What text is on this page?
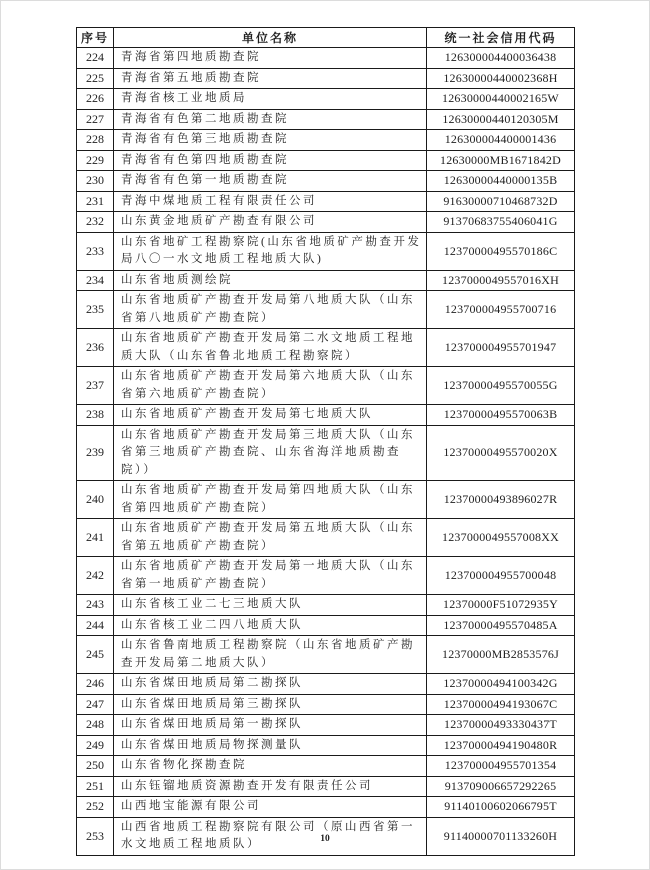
序号	单位名称	统一社会信用代码
224	青海省第四地质勘查院	126300004400036438
225	青海省第五地质勘查院	12630000440002368H
226	青海省核工业地质局	12630000440002165W
227	青海省有色第二地质勘查院	12630000440120305M
228	青海省有色第三地质勘查院	126300004400001436
229	青海省有色第四地质勘查院	12630000MB1671842D
230	青海省有色第一地质勘查院	12630000440000135B
231	青海中煤地质工程有限责任公司	91630000710468732D
232	山东黄金地质矿产勘查有限公司	91370683755406041G
233	山东省地矿工程勘察院(山东省地质矿产勘查开发局八〇一水文地质工程地质大队)	12370000495570186C
234	山东省地质测绘院	1237000049557016XH
235	山东省地质矿产勘查开发局第八地质大队（山东省第八地质矿产勘查院）	123700004955700716
236	山东省地质矿产勘查开发局第二水文地质工程地质大队（山东省鲁北地质工程勘察院）	123700004955701947
237	山东省地质矿产勘查开发局第六地质大队（山东省第六地质矿产勘查院）	12370000495570055G
238	山东省地质矿产勘查开发局第七地质大队	12370000495570063B
239	山东省地质矿产勘查开发局第三地质大队（山东省第三地质矿产勘查院、山东省海洋地质勘查院））	12370000495570020X
240	山东省地质矿产勘查开发局第四地质大队（山东省第四地质矿产勘查院）	12370000493896027R
241	山东省地质矿产勘查开发局第五地质大队（山东省第五地质矿产勘查院）	1237000049557008XX
242	山东省地质矿产勘查开发局第一地质大队（山东省第一地质矿产勘查院）	123700004955700048
243	山东省核工业二七三地质大队	12370000F51072935Y
244	山东省核工业二四八地质大队	12370000495570485A
245	山东省鲁南地质工程勘察院（山东省地质矿产勘查开发局第二地质大队）	12370000MB2853576J
246	山东省煤田地质局第二勘探队	12370000494100342G
247	山东省煤田地质局第三勘探队	12370000494193067C
248	山东省煤田地质局第一勘探队	12370000493330437T
249	山东省煤田地质局物探测量队	12370000494190480R
250	山东省物化探勘查院	123700004955701354
251	山东钰镏地质资源勘查开发有限责任公司	913709006657292265
252	山西地宝能源有限公司	91140100602066795T
253	山西省地质工程勘察院有限公司（原山西省第一水文地质工程地质队）	91140000701133260H
10
